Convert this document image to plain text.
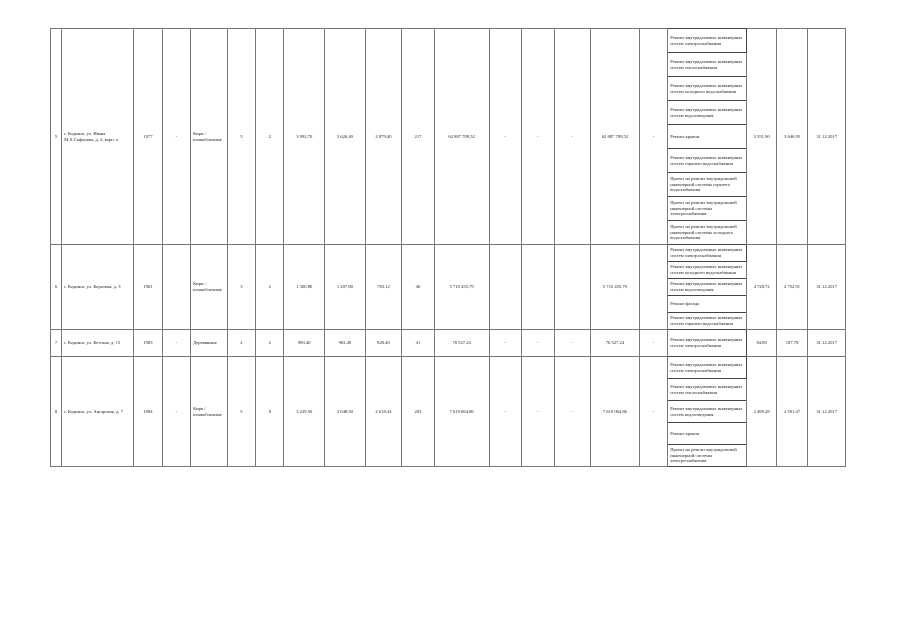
5	г. Кодинск, ул. Иванa М.Х.Сафонова, д. 2, корп. а	1977	-	Кирп./ шлакоблочные	5	2	3 992,70	3 626,40	2 879,40	217	62 887 709,52	-	-	-	62 887 709,52	-	Ремонт внутридомовых инженерных систем электроснабжения	3 551,90	3 646,95	31.12.2017
																	Ремонт внутридомовых инженерных систем теплоснабжения			
																	Ремонт внутридомовых инженерных систем холодного водоснабжения			
																	Ремонт внутридомовых инженерных систем водоотведения			
																	Ремонт крыши			
																	Ремонт внутридомовых инженерных систем горячего водоснабжения			
																	Проект на ремонт внутридомовой инженерной системы горячего водоснабжения			
																	Проект на ремонт внутридомовой инженерной системы электроснабжения			
																	Проект на ремонт внутридомовой инженерной системы холодного водоснабжения			
6	г. Кодинск, ул. Короткая, д. 3	1961		Кирп./ шлакоблочные	3	2	1 300,80	1 207,80	783,12	46	5 710 455,79				5 710 455,79		Ремонт внутридомовых инженерных систем электроснабжения	4 728,72	4 752,91	31.12.2017
																	Ремонт внутридомовых инженерных систем холодного водоснабжения			
																	Ремонт внутридомовых инженерных систем водоотведения			
																	Ремонт фасада			
																	Ремонт внутридомовых инженерных систем горячего водоснабжения			
7	г. Кодинск, ул. Кетская, д. 15	1983	-	Деревянные	2	2	983,40	902,40	820,40	41	76 527,24	-	-	-	76 527,24	-	Ремонт внутридомовых инженерных систем электроснабжения	84,80	107,78	31.12.2017
8	г. Кодинск, ул. Ангарская, д. 7	1984	-	Кирп./ шлакоблочные	5	8	3 229,50	3 048,50	2 618,34	203	7 619 064,86	-	-	-	7 619 064,86	-	Ремонт внутридомовых инженерных систем электроснабжения	2 499,28	2 591,47	31.12.2017
																	Ремонт внутридомовых инженерных систем теплоснабжения			
																	Ремонт внутридомовых инженерных систем водоотведения			
																	Ремонт крыши			
																	Проект на ремонт внутридомовой инженерной системы электроснабжения			
